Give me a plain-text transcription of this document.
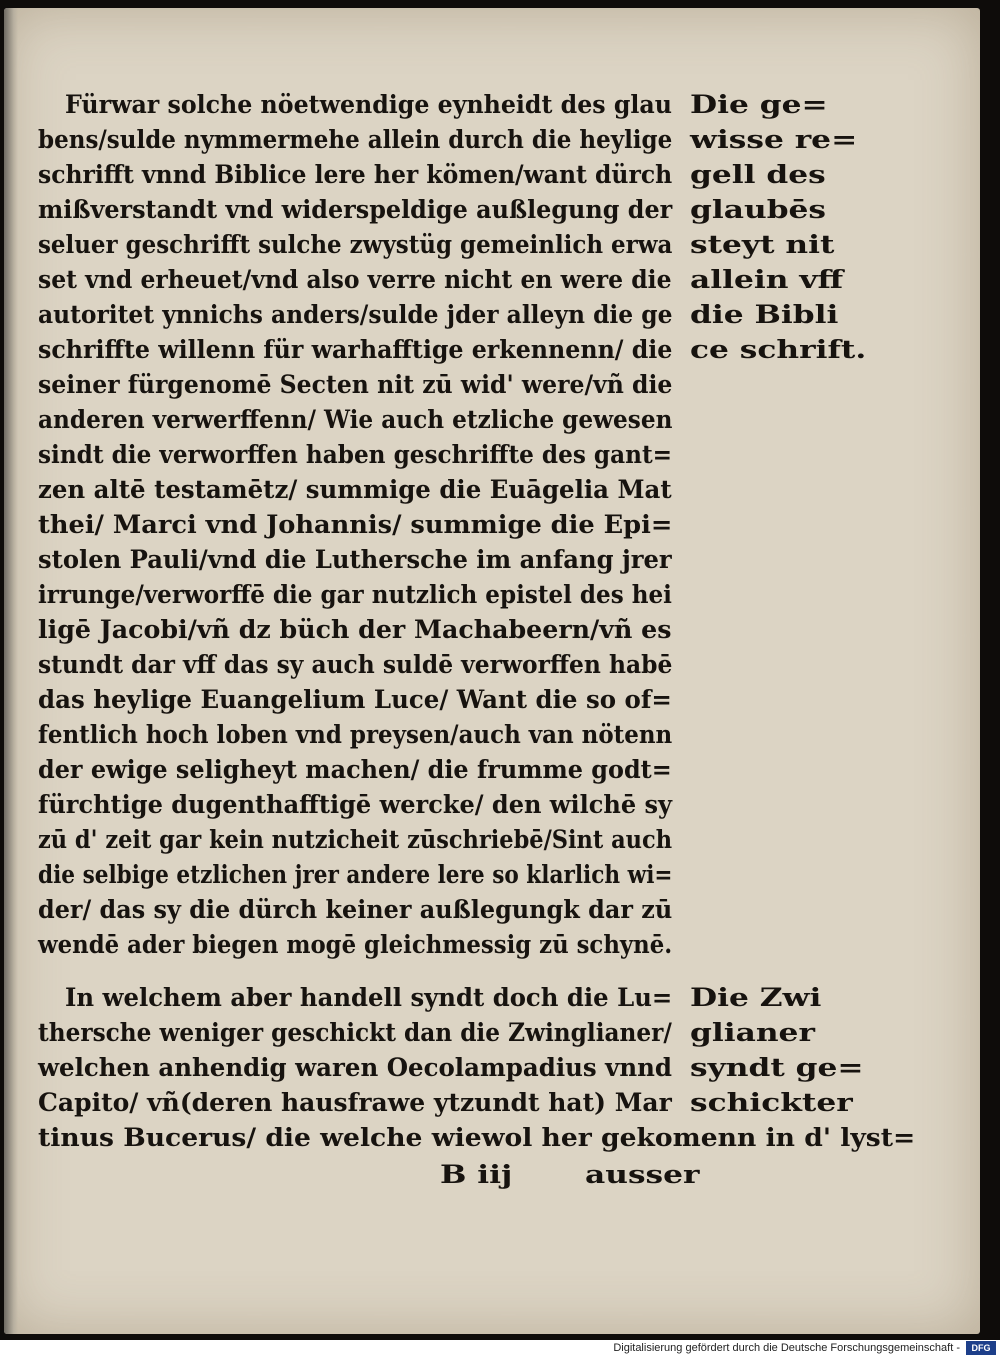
Fürwar solche nöetwendige eynheidt des glau
bens/sulde nymmermehe allein durch die heylige
schrifft vnnd Biblice lere her kömen/want dürch
mißverstandt vnd widerspeldige außlegung der
seluer geschrifft sulche zwystüg gemeinlich erwa
set vnd erheuet/vnd also verre nicht en were die
autoritet ynnichs anders/sulde jder alleyn die ge
schriffte willenn für warhafftige erkennenn/ die
seiner fürgenomē Secten nit zū wid' were/vñ die
anderen verwerffenn/ Wie auch etzliche gewesen
sindt die verworffen haben geschriffte des gant=
zen altē testamētz/ summige die Euāgelia Mat
thei/ Marci vnd Johannis/ summige die Epi=
stolen Pauli/vnd die Luthersche im anfang jrer
irrunge/verworffē die gar nutzlich epistel des hei
ligē Jacobi/vñ dz büch der Machabeern/vñ es
stundt dar vff das sy auch suldē verworffen habē
das heylige Euangelium Luce/ Want die so of=
fentlich hoch loben vnd preysen/auch van nötenn
der ewige seligheyt machen/ die frumme godt=
fürchtige dugenthafftigē wercke/ den wilchē sy
zū d' zeit gar kein nutzicheit zūschriebē/Sint auch
die selbige etzlichen jrer andere lere so klarlich wi=
der/ das sy die dürch keiner außlegungk dar zū
wendē ader biegen mogē gleichmessig zū schynē.
Die ge=
wisse re=
gell des
glaubēs
steyt nit
allein vff
die Bibli
ce schrift.
In welchem aber handell syndt doch die Lu=
thersche weniger geschickt dan die Zwinglianer/
welchen anhendig waren Oecolampadius vnnd
Capito/ vñ(deren hausfrawe ytzundt hat) Mar
tinus Bucerus/ die welche wiewol her gekomenn in d' lyst=
Die Zwi
glianer
syndt ge=
schickter
B iij	ausser
Digitalisierung gefördert durch die Deutsche Forschungsgemeinschaft -	DFG
